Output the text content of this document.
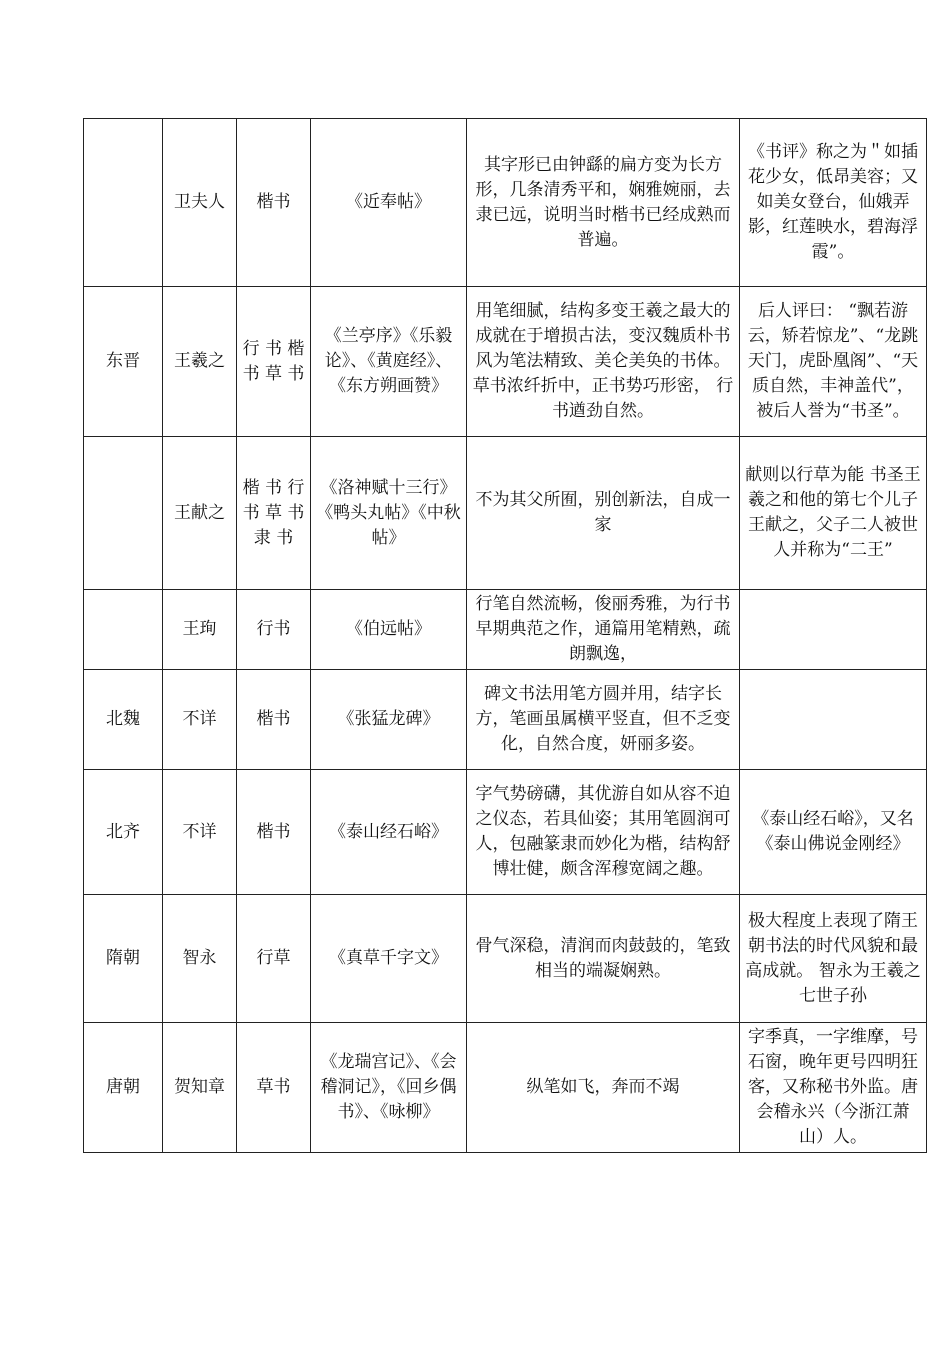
	卫夫人	楷书	《近奉帖》	其字形已由钟繇的扁方变为长方形，几条清秀平和，娴雅婉丽，去隶已远，说明当时楷书已经成熟而普遍。	《书评》称之为＂如插花少女，低昂美容；又如美女登台，仙娥弄影，红莲映水，碧海浮霞”。
东晋	王羲之	行 书 楷 书 草 书	《兰亭序》《乐毅论》、《黄庭经》、《东方朔画赞》	用笔细腻，结构多变王羲之最大的成就在于增损古法，变汉魏质朴书风为笔法精致、美仑美奂的书体。草书浓纤折中，正书势巧形密， 行书遒劲自然。	后人评曰： “飘若游云，矫若惊龙”、“龙跳天门，虎卧凰阁”、“天质自然，丰神盖代”，被后人誉为“书圣”。
	王献之	楷 书 行 书 草 书 隶 书	《洛神赋十三行》《鸭头丸帖》《中秋帖》	不为其父所囿，别创新法，自成一家	献则以行草为能 书圣王羲之和他的第七个儿子王献之，父子二人被世人并称为“二王”
	王珣	行书	《伯远帖》	行笔自然流畅，俊丽秀雅，为行书早期典范之作，通篇用笔精熟，疏朗飘逸，	
北魏	不详	楷书	《张猛龙碑》	碑文书法用笔方圆并用，结字长方，笔画虽属横平竖直，但不乏变化，自然合度，妍丽多姿。	
北齐	不详	楷书	《泰山经石峪》	字气势磅礴，其优游自如从容不迫之仪态，若具仙姿；其用笔圆润可人，包融篆隶而妙化为楷，结构舒博壮健，颇含浑穆宽阔之趣。	《泰山经石峪》，又名《泰山佛说金刚经》
隋朝	智永	行草	《真草千字文》	骨气深稳，清润而肉鼓鼓的，笔致相当的端凝娴熟。	极大程度上表现了隋王朝书法的时代风貌和最高成就。 智永为王羲之七世子孙
唐朝	贺知章	草书	《龙瑞宫记》、《会稽洞记》，《回乡偶书》、《咏柳》	纵笔如飞，奔而不竭	字季真，一字维摩，号石窗，晚年更号四明狂客，又称秘书外监。唐会稽永兴（今浙江萧山）人。
